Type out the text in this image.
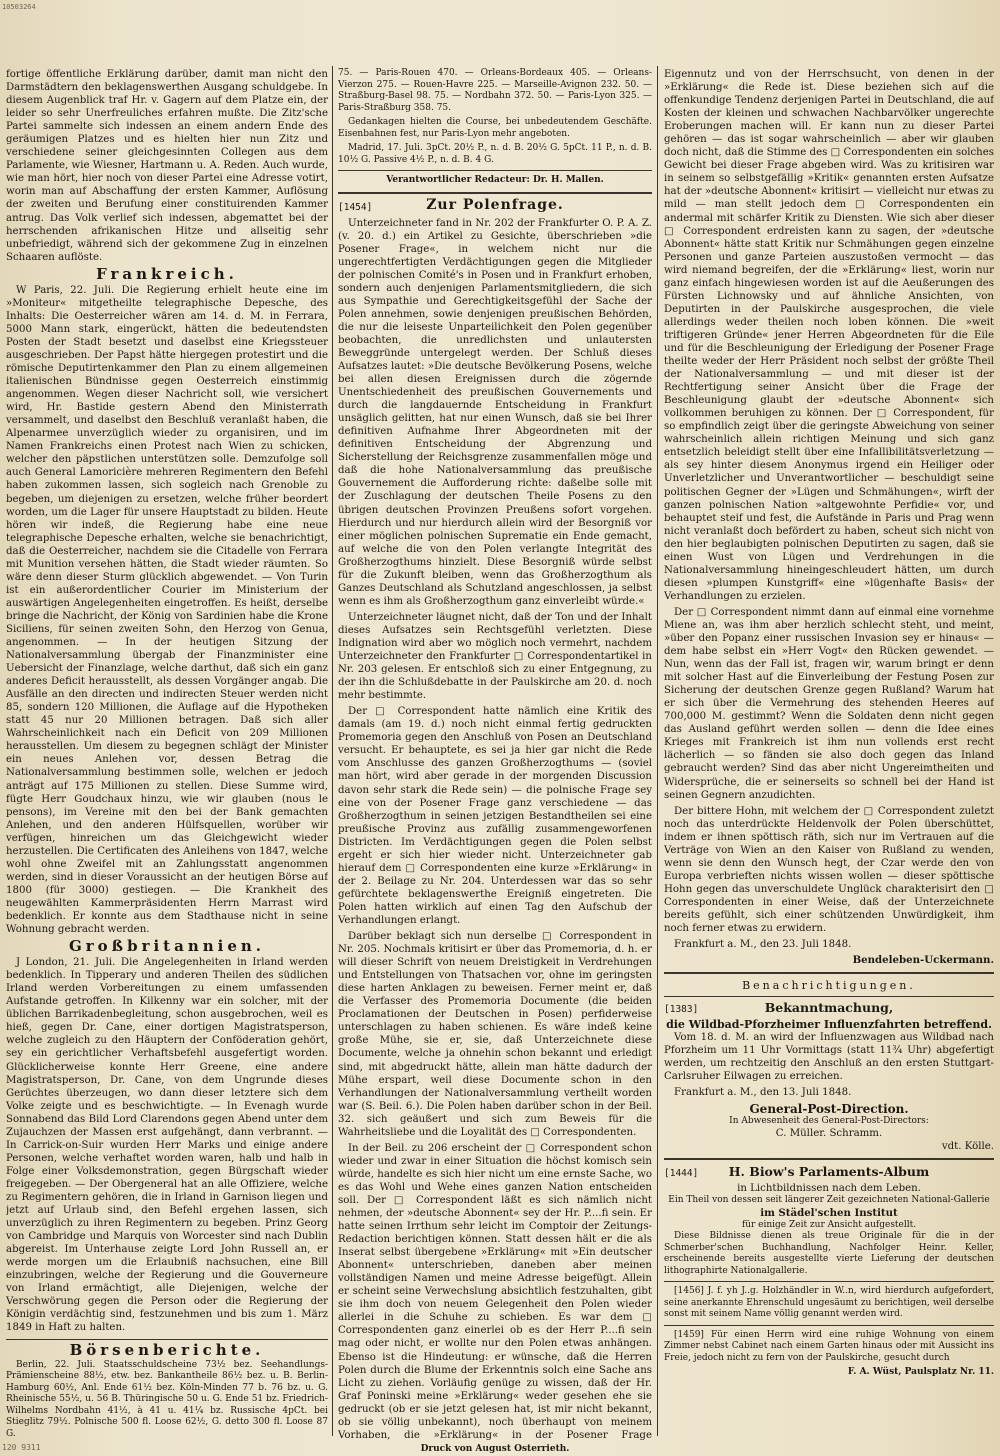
10503264
120 9311

fortige öffentliche Erklärung darüber, damit man nicht den Darmstädtern den beklagenswerthen Ausgang schuldgebe. In diesem Augenblick traf Hr. v. Gagern auf dem Platze ein, der leider so sehr Unerfreuliches erfahren mußte. Die Zitz'sche Partei sammelte sich indessen an einem andern Ende des geräumigen Platzes und es hielten hier nun Zitz und verschiedene seiner gleichgesinnten Collegen aus dem Parlamente, wie Wiesner, Hartmann u. A. Reden. Auch wurde, wie man hört, hier noch von dieser Partei eine Adresse votirt, worin man auf Abschaffung der ersten Kammer, Auflösung der zweiten und Berufung einer constituirenden Kammer antrug. Das Volk verlief sich indessen, abgemattet bei der herrschenden afrikanischen Hitze und allseitig sehr unbefriedigt, während sich der gekommene Zug in einzelnen Schaaren auflöste.

Frankreich.

W Paris, 22. Juli. Die Regierung erhielt heute eine im »Moniteur« mitgetheilte telegraphische Depesche, des Inhalts: Die Oesterreicher wären am 14. d. M. in Ferrara, 5000 Mann stark, eingerückt, hätten die bedeutendsten Posten der Stadt besetzt und daselbst eine Kriegssteuer ausgeschrieben. Der Papst hätte hiergegen protestirt und die römische Deputirtenkammer den Plan zu einem allgemeinen italienischen Bündnisse gegen Oesterreich einstimmig angenommen. Wegen dieser Nachricht soll, wie versichert wird, Hr. Bastide gestern Abend den Ministerrath versammelt, und daselbst den Beschluß veranlaßt haben, die Alpenarmee unverzüglich wieder zu organisiren, und im Namen Frankreichs einen Protest nach Wien zu schicken, welcher den päpstlichen unterstützen solle. Demzufolge soll auch General Lamoricière mehreren Regimentern den Befehl haben zukommen lassen, sich sogleich nach Grenoble zu begeben, um diejenigen zu ersetzen, welche früher beordert worden, um die Lager für unsere Hauptstadt zu bilden. Heute hören wir indeß, die Regierung habe eine neue telegraphische Depesche erhalten, welche sie benachrichtigt, daß die Oesterreicher, nachdem sie die Citadelle von Ferrara mit Munition versehen hätten, die Stadt wieder räumten. So wäre denn dieser Sturm glücklich abgewendet. — Von Turin ist ein außerordentlicher Courier im Ministerium der auswärtigen Angelegenheiten eingetroffen. Es heißt, derselbe bringe die Nachricht, der König von Sardinien habe die Krone Siciliens, für seinen zweiten Sohn, den Herzog von Genua, angenommen. — In der heutigen Sitzung der Nationalversammlung übergab der Finanzminister eine Uebersicht der Finanzlage, welche darthut, daß sich ein ganz anderes Deficit herausstellt, als dessen Vorgänger angab. Die Ausfälle an den directen und indirecten Steuer werden nicht 85, sondern 120 Millionen, die Auflage auf die Hypotheken statt 45 nur 20 Millionen betragen. Daß sich aller Wahrscheinlichkeit nach ein Deficit von 209 Millionen herausstellen. Um diesem zu begegnen schlägt der Minister ein neues Anlehen vor, dessen Betrag die Nationalversammlung bestimmen solle, welchen er jedoch anträgt auf 175 Millionen zu stellen. Diese Summe wird, fügte Herr Goudchaux hinzu, wie wir glauben (nous le pensons), im Vereine mit den bei der Bank gemachten Anlehen, und den anderen Hülfsquellen, worüber wir verfügen, hinreichen um das Gleichgewicht wieder herzustellen. Die Certificaten des Anleihens von 1847, welche wohl ohne Zweifel mit an Zahlungsstatt angenommen werden, sind in dieser Voraussicht an der heutigen Börse auf 1800 (für 3000) gestiegen. — Die Krankheit des neugewählten Kammerpräsidenten Herrn Marrast wird bedenklich. Er konnte aus dem Stadthause nicht in seine Wohnung gebracht werden.

Großbritannien.

J London, 21. Juli. Die Angelegenheiten in Irland werden bedenklich. In Tipperary und anderen Theilen des südlichen Irland werden Vorbereitungen zu einem umfassenden Aufstande getroffen. In Kilkenny war ein solcher, mit der üblichen Barrikadenbegleitung, schon ausgebrochen, weil es hieß, gegen Dr. Cane, einer dortigen Magistratsperson, welche zugleich zu den Häuptern der Conföderation gehört, sey ein gerichtlicher Verhaftsbefehl ausgefertigt worden. Glücklicherweise konnte Herr Greene, eine andere Magistratsperson, Dr. Cane, von dem Ungrunde dieses Gerüchtes überzeugen, wo dann dieser letztere sich dem Volke zeigte und es beschwichtigte. — In Evenagh wurde Sonnabend das Bild Lord Clarendons gegen Abend unter dem Zujauchzen der Massen erst aufgehängt, dann verbrannt. — In Carrick-on-Suir wurden Herr Marks und einige andere Personen, welche verhaftet worden waren, halb und halb in Folge einer Volksdemonstration, gegen Bürgschaft wieder freigegeben. — Der Obergeneral hat an alle Offiziere, welche zu Regimentern gehören, die in Irland in Garnison liegen und jetzt auf Urlaub sind, den Befehl ergehen lassen, sich unverzüglich zu ihren Regimentern zu begeben. Prinz Georg von Cambridge und Marquis von Worcester sind nach Dublin abgereist. Im Unterhause zeigte Lord John Russell an, er werde morgen um die Erlaubniß nachsuchen, eine Bill einzubringen, welche der Regierung und die Gouverneure von Irland ermächtigt, alle Diejenigen, welche der Verschwörung gegen die Person oder die Regierung der Königin verdächtig sind, festzunehmen und bis zum 1. März 1849 in Haft zu halten.

Börsenberichte.

Berlin, 22. Juli. Staatsschuldscheine 73½ bez. Seehandlungs-Prämienscheine 88½, etw. bez. Bankantheile 86½ bez. u. B. Berlin-Hamburg 60½, Anl. Ende 61½ bez. Köln-Minden 77 b. 76 bz. u. G. Rheinische 55½, u. 56 B. Thüringische 50 u. G. Ende 51 bz. Friedrich-Wilhelms Nordbahn 41½, à 41 u. 41¼ bz. Russische 4pCt. bei Stieglitz 79½. Polnische 500 fl. Loose 62½, G. detto 300 fl. Loose 87 G.

75. — Paris-Rouen 470. — Orleans-Bordeaux 405. — Orleans-Vierzon 275. — Rouen-Havre 225. — Marseille-Avignon 232. 50. — Straßburg-Basel 98. 75. — Nordbahn 372. 50. — Paris-Lyon 325. — Paris-Straßburg 358. 75.

Gedankagen hielten die Course, bei unbedeutendem Geschäfte. Eisenbahnen fest, nur Paris-Lyon mehr angeboten.

Madrid, 17. Juli. 3pCt. 20½ P., n. d. B. 20½ G. 5pCt. 11 P., n. d. B. 10½ G. Passive 4½ P., n. d. B. 4 G.

Verantwortlicher Redacteur: Dr. H. Mallen.
[1454]	Zur Polenfrage.

Unterzeichneter fand in Nr. 202 der Frankfurter O. P. A. Z. (v. 20. d.) ein Artikel zu Gesichte, überschrieben »die Posener Frage«, in welchem nicht nur die ungerechtfertigten Verdächtigungen gegen die Mitglieder der polnischen Comité's in Posen und in Frankfurt erhoben, sondern auch denjenigen Parlamentsmitgliedern, die sich aus Sympathie und Gerechtigkeitsgefühl der Sache der Polen annehmen, sowie denjenigen preußischen Behörden, die nur die leiseste Unparteilichkeit den Polen gegenüber beobachten, die unredlichsten und unlautersten Beweggründe untergelegt werden. Der Schluß dieses Aufsatzes lautet: »Die deutsche Bevölkerung Posens, welche bei allen diesen Ereignissen durch die zögernde Unentschiedenheit des preußischen Gouvernements und durch die langdauernde Entscheidung in Frankfurt unsäglich gelitten, hat nur einen Wunsch, daß sie bei Ihrer definitiven Aufnahme Ihrer Abgeordneten mit der definitiven Entscheidung der Abgrenzung und Sicherstellung der Reichsgrenze zusammenfallen möge und daß die hohe Nationalversammlung das preußische Gouvernement die Aufforderung richte: daßelbe solle mit der Zuschlagung der deutschen Theile Posens zu den übrigen deutschen Provinzen Preußens sofort vorgehen. Hierdurch und nur hierdurch allein wird der Besorgniß vor einer möglichen polnischen Suprematie ein Ende gemacht, auf welche die von den Polen verlangte Integrität des Großherzogthums hinzielt. Diese Besorgniß würde selbst für die Zukunft bleiben, wenn das Großherzogthum als Ganzes Deutschland als Schutzland angeschlossen, ja selbst wenn es ihm als Großherzogthum ganz einverleibt würde.«

Unterzeichneter läugnet nicht, daß der Ton und der Inhalt dieses Aufsatzes sein Rechtsgefühl verletzten. Diese Indignation wird aber wo möglich noch vermehrt, nachdem Unterzeichneter den Frankfurter □ Correspondentartikel in Nr. 203 gelesen. Er entschloß sich zu einer Entgegnung, zu der ihn die Schlußdebatte in der Paulskirche am 20. d. noch mehr bestimmte.

Der □ Correspondent hatte nämlich eine Kritik des damals (am 19. d.) noch nicht einmal fertig gedruckten Promemoria gegen den Anschluß von Posen an Deutschland versucht. Er behauptete, es sei ja hier gar nicht die Rede vom Anschlusse des ganzen Großherzogthums — (soviel man hört, wird aber gerade in der morgenden Discussion davon sehr stark die Rede sein) — die polnische Frage sey eine von der Posener Frage ganz verschiedene — das Großherzogthum in seinen jetzigen Bestandtheilen sei eine preußische Provinz aus zufällig zusammengeworfenen Districten. Im Verdächtigungen gegen die Polen selbst ergeht er sich hier wieder nicht. Unterzeichneter gab hierauf dem □ Correspondenten eine kurze »Erklärung« in der 2. Beilage zu Nr. 204. Unterdessen war das so sehr gefürchtete beklagenswerthe Ereigniß eingetreten. Die Polen hatten wirklich auf einen Tag den Aufschub der Verhandlungen erlangt.

Darüber beklagt sich nun derselbe □ Correspondent in Nr. 205. Nochmals kritisirt er über das Promemoria, d. h. er will dieser Schrift von neuem Dreistigkeit in Verdrehungen und Entstellungen von Thatsachen vor, ohne im geringsten diese harten Anklagen zu beweisen. Ferner meint er, daß die Verfasser des Promemoria Documente (die beiden Proclamationen der Deutschen in Posen) perfiderweise unterschlagen zu haben schienen. Es wäre indeß keine große Mühe, sie er, sie, daß Unterzeichnete diese Documente, welche ja ohnehin schon bekannt und erledigt sind, mit abgedruckt hätte, allein man hätte dadurch der Mühe erspart, weil diese Documente schon in den Verhandlungen der Nationalversammlung vertheilt worden war (S. Beil. 6.). Die Polen haben darüber schon in der Beil. 32. sich geäußert und sich zum Beweis für die Wahrheitsliebe und die Loyalität des □ Correspondenten.

In der Beil. zu 206 erscheint der □ Correspondent schon wieder und zwar in einer Situation die höchst komisch sein würde, handelte es sich hier nicht um eine ernste Sache, wo es das Wohl und Wehe eines ganzen Nation entscheiden soll. Der □ Correspondent läßt es sich nämlich nicht nehmen, der »deutsche Abonnent« sey der Hr. P....fi sein. Er hatte seinen Irrthum sehr leicht im Comptoir der Zeitungs-Redaction berichtigen können. Statt dessen hält er die als Inserat selbst übergebene »Erklärung« mit »Ein deutscher Abonnent« unterschrieben, daneben aber meinen vollständigen Namen und meine Adresse beigefügt. Allein er scheint seine Verwechslung absichtlich festzuhalten, gibt sie ihm doch von neuem Gelegenheit den Polen wieder allerlei in die Schuhe zu schieben. Es war dem □ Correspondenten ganz einerlei ob es der Herr P....fi sein mag oder nicht, er wollte nur den Polen etwas anhängen. Ebenso ist die Hindeutung: er wünsche, daß die Herren Polen durch die Blume der Erkenntnis solch eine Sache ans Licht zu ziehen. Vorläufig genüge zu wissen, daß der Hr. Graf Poninski meine »Erklärung« weder gesehen ehe sie gedruckt (ob er sie jetzt gelesen hat, ist mir nicht bekannt, ob sie völlig unbekannt), noch überhaupt von meinem Vorhaben, die »Erklärung« in der Posener Frage

Druck von August Osterrieth.

Eigennutz und von der Herrschsucht, von denen in der »Erklärung« die Rede ist. Diese beziehen sich auf die offenkundige Tendenz derjenigen Partei in Deutschland, die auf Kosten der kleinen und schwachen Nachbarvölker ungerechte Eroberungen machen will. Er kann nun zu dieser Partei gehören — das ist sogar wahrscheinlich — aber wir glauben doch nicht, daß die Stimme des □ Correspondenten ein solches Gewicht bei dieser Frage abgeben wird. Was zu kritisiren war in seinem so selbstgefällig »Kritik« genannten ersten Aufsatze hat der »deutsche Abonnent« kritisirt — vielleicht nur etwas zu mild — man stellt jedoch dem □ Correspondenten ein andermal mit schärfer Kritik zu Diensten. Wie sich aber dieser □ Correspondent erdreisten kann zu sagen, der »deutsche Abonnent« hätte statt Kritik nur Schmähungen gegen einzelne Personen und ganze Parteien auszustoßen vermocht — das wird niemand begreifen, der die »Erklärung« liest, worin nur ganz einfach hingewiesen worden ist auf die Aeußerungen des Fürsten Lichnowsky und auf ähnliche Ansichten, von Deputirten in der Paulskirche ausgesprochen, die viele allerdings weder theilen noch loben können. Die »weit triftigeren Gründe« jener Herren Abgeordneten für die Eile und für die Beschleunigung der Erledigung der Posener Frage theilte weder der Herr Präsident noch selbst der größte Theil der Nationalversammlung — und mit dieser ist der Rechtfertigung seiner Ansicht über die Frage der Beschleunigung glaubt der »deutsche Abonnent« sich vollkommen beruhigen zu können. Der □ Correspondent, für so empfindlich zeigt über die geringste Abweichung von seiner wahrscheinlich allein richtigen Meinung und sich ganz entsetzlich beleidigt stellt über eine Infallibilitätsverletzung — als sey hinter diesem Anonymus irgend ein Heiliger oder Unverletzlicher und Unverantwortlicher — beschuldigt seine politischen Gegner der »Lügen und Schmähungen«, wirft der ganzen polnischen Nation »altgewohnte Perfidie« vor, und behauptet steif und fest, die Aufstände in Paris und Prag wenn nicht veranlaßt doch befördert zu haben, scheut sich nicht von den hier beglaubigten polnischen Deputirten zu sagen, daß sie einen Wust von Lügen und Verdrehungen in die Nationalversammlung hineingeschleudert hätten, um durch diesen »plumpen Kunstgriff« eine »lügenhafte Basis« der Verhandlungen zu erzielen.

Der □ Correspondent nimmt dann auf einmal eine vornehme Miene an, was ihm aber herzlich schlecht steht, und meint, »über den Popanz einer russischen Invasion sey er hinaus« — dem habe selbst ein »Herr Vogt« den Rücken gewendet. — Nun, wenn das der Fall ist, fragen wir, warum bringt er denn mit solcher Hast auf die Einverleibung der Festung Posen zur Sicherung der deutschen Grenze gegen Rußland? Warum hat er sich über die Vermehrung des stehenden Heeres auf 700,000 M. gestimmt? Wenn die Soldaten denn nicht gegen das Ausland geführt werden sollen — denn die Idee eines Krieges mit Frankreich ist ihm nun vollends erst recht lächerlich — so fänden sie also doch gegen das Inland gebraucht werden? Sind das aber nicht Ungereimtheiten und Widersprüche, die er seinerseits so schnell bei der Hand ist seinen Gegnern anzudichten.

Der bittere Hohn, mit welchem der □ Correspondent zuletzt noch das unterdrückte Heldenvolk der Polen überschüttet, indem er ihnen spöttisch räth, sich nur im Vertrauen auf die Verträge von Wien an den Kaiser von Rußland zu wenden, wenn sie denn den Wunsch hegt, der Czar werde den von Europa verbrieften nichts wissen wollen — dieser spöttische Hohn gegen das unverschuldete Unglück charakterisirt den □ Correspondenten in einer Weise, daß der Unterzeichnete bereits gefühlt, sich einer schützenden Unwürdigkeit, ihm noch ferner etwas zu erwidern.

Frankfurt a. M., den 23. Juli 1848.
Bendeleben-Uckermann.
Benachrichtigungen.
[1383]	Bekanntmachung,
die Wildbad-Pforzheimer Influenzfahrten betreffend.

Vom 18. d. M. an wird der Influenzwagen aus Wildbad nach Pforzheim um 11 Uhr Vormittags (statt 11¾ Uhr) abgefertigt werden, um rechtzeitig den Anschluß an den ersten Stuttgart-Carlsruher Eilwagen zu erreichen.

Frankfurt a. M., den 13. Juli 1848.
General-Post-Direction.
In Abwesenheit des General-Post-Directors:
C. Müller. Schramm.
vdt. Kölle.
[1444]	H. Biow's Parlaments-Album
in Lichtbildnissen nach dem Leben.
Ein Theil von dessen seit längerer Zeit gezeichneten National-Gallerie
im Städel'schen Institut
für einige Zeit zur Ansicht aufgestellt.

Diese Bildnisse dienen als treue Originale für die in der Schmerber'schen Buchhandlung, Nachfolger Heinr. Keller, erscheinende bereits ausgestellte vierte Lieferung der deutschen lithographirte Nationalgallerie.

[1456] J. f. yh J..g. Holzhändler in W..n, wird hierdurch aufgefordert, seine anerkannte Ehrenschuld ungesäumt zu berichtigen, weil derselbe sonst mit seinem Name völlig genannt werden wird.

[1459] Für einen Herrn wird eine ruhige Wohnung von einem Zimmer nebst Cabinet nach einem Garten hinaus oder mit Aussicht ins Freie, jedoch nicht zu fern von der Paulskirche, gesucht durch

F. A. Wüst, Paulsplatz Nr. 11.
